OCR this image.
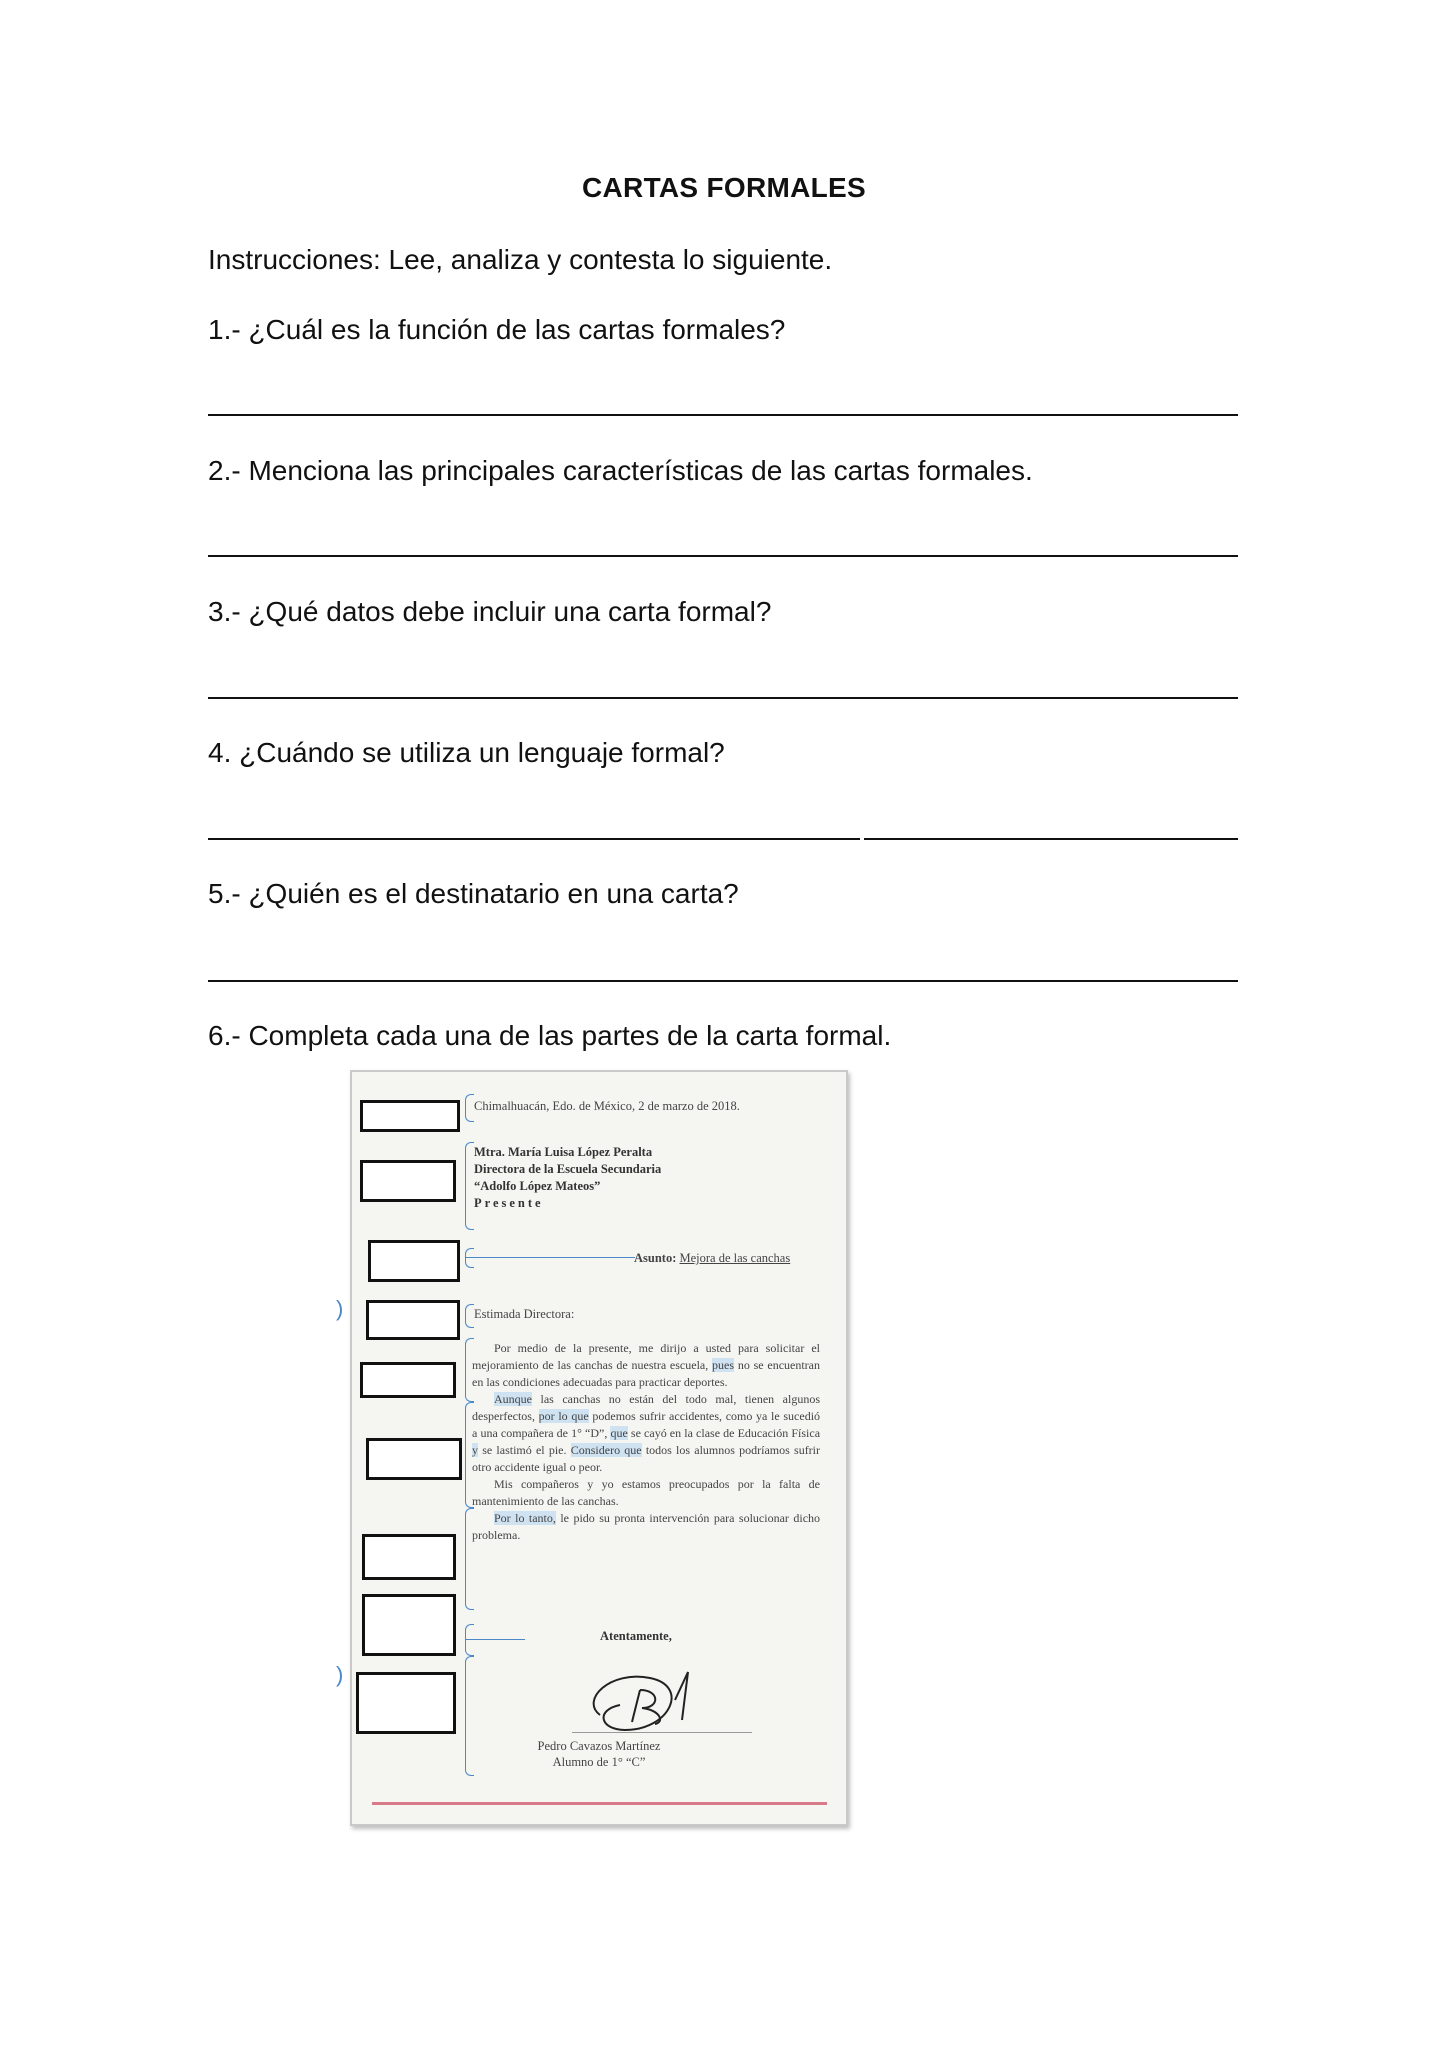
CARTAS FORMALES
Instrucciones: Lee, analiza y contesta lo siguiente.
1.- ¿Cuál es la función de las cartas formales?
2.- Menciona las principales características de las cartas formales.
3.- ¿Qué datos debe incluir una carta formal?
4. ¿Cuándo se utiliza un lenguaje formal?
5.- ¿Quién es el destinatario en una carta?
6.- Completa cada una de las partes de la carta formal.
)
)
Chimalhuacán, Edo. de México, 2 de marzo de 2018.
Mtra. María Luisa López Peralta
Directora de la Escuela Secundaria
“Adolfo López Mateos”
Presente
Asunto: Mejora de las canchas
Estimada Directora:

Por medio de la presente, me dirijo a usted para solicitar el mejoramiento de las canchas de nuestra escuela, pues no se encuentran en las condiciones adecuadas para practicar deportes.

Aunque las canchas no están del todo mal, tienen algunos desperfectos, por lo que podemos sufrir accidentes, como ya le sucedió a una compañera de 1° “D”, que se cayó en la clase de Educación Física y se lastimó el pie. Considero que todos los alumnos podríamos sufrir otro accidente igual o peor.

Mis compañeros y yo estamos preocupados por la falta de mantenimiento de las canchas.

Por lo tanto, le pido su pronta intervención para solucionar dicho problema.

Atentamente,
Pedro Cavazos Martínez
Alumno de 1° “C”
